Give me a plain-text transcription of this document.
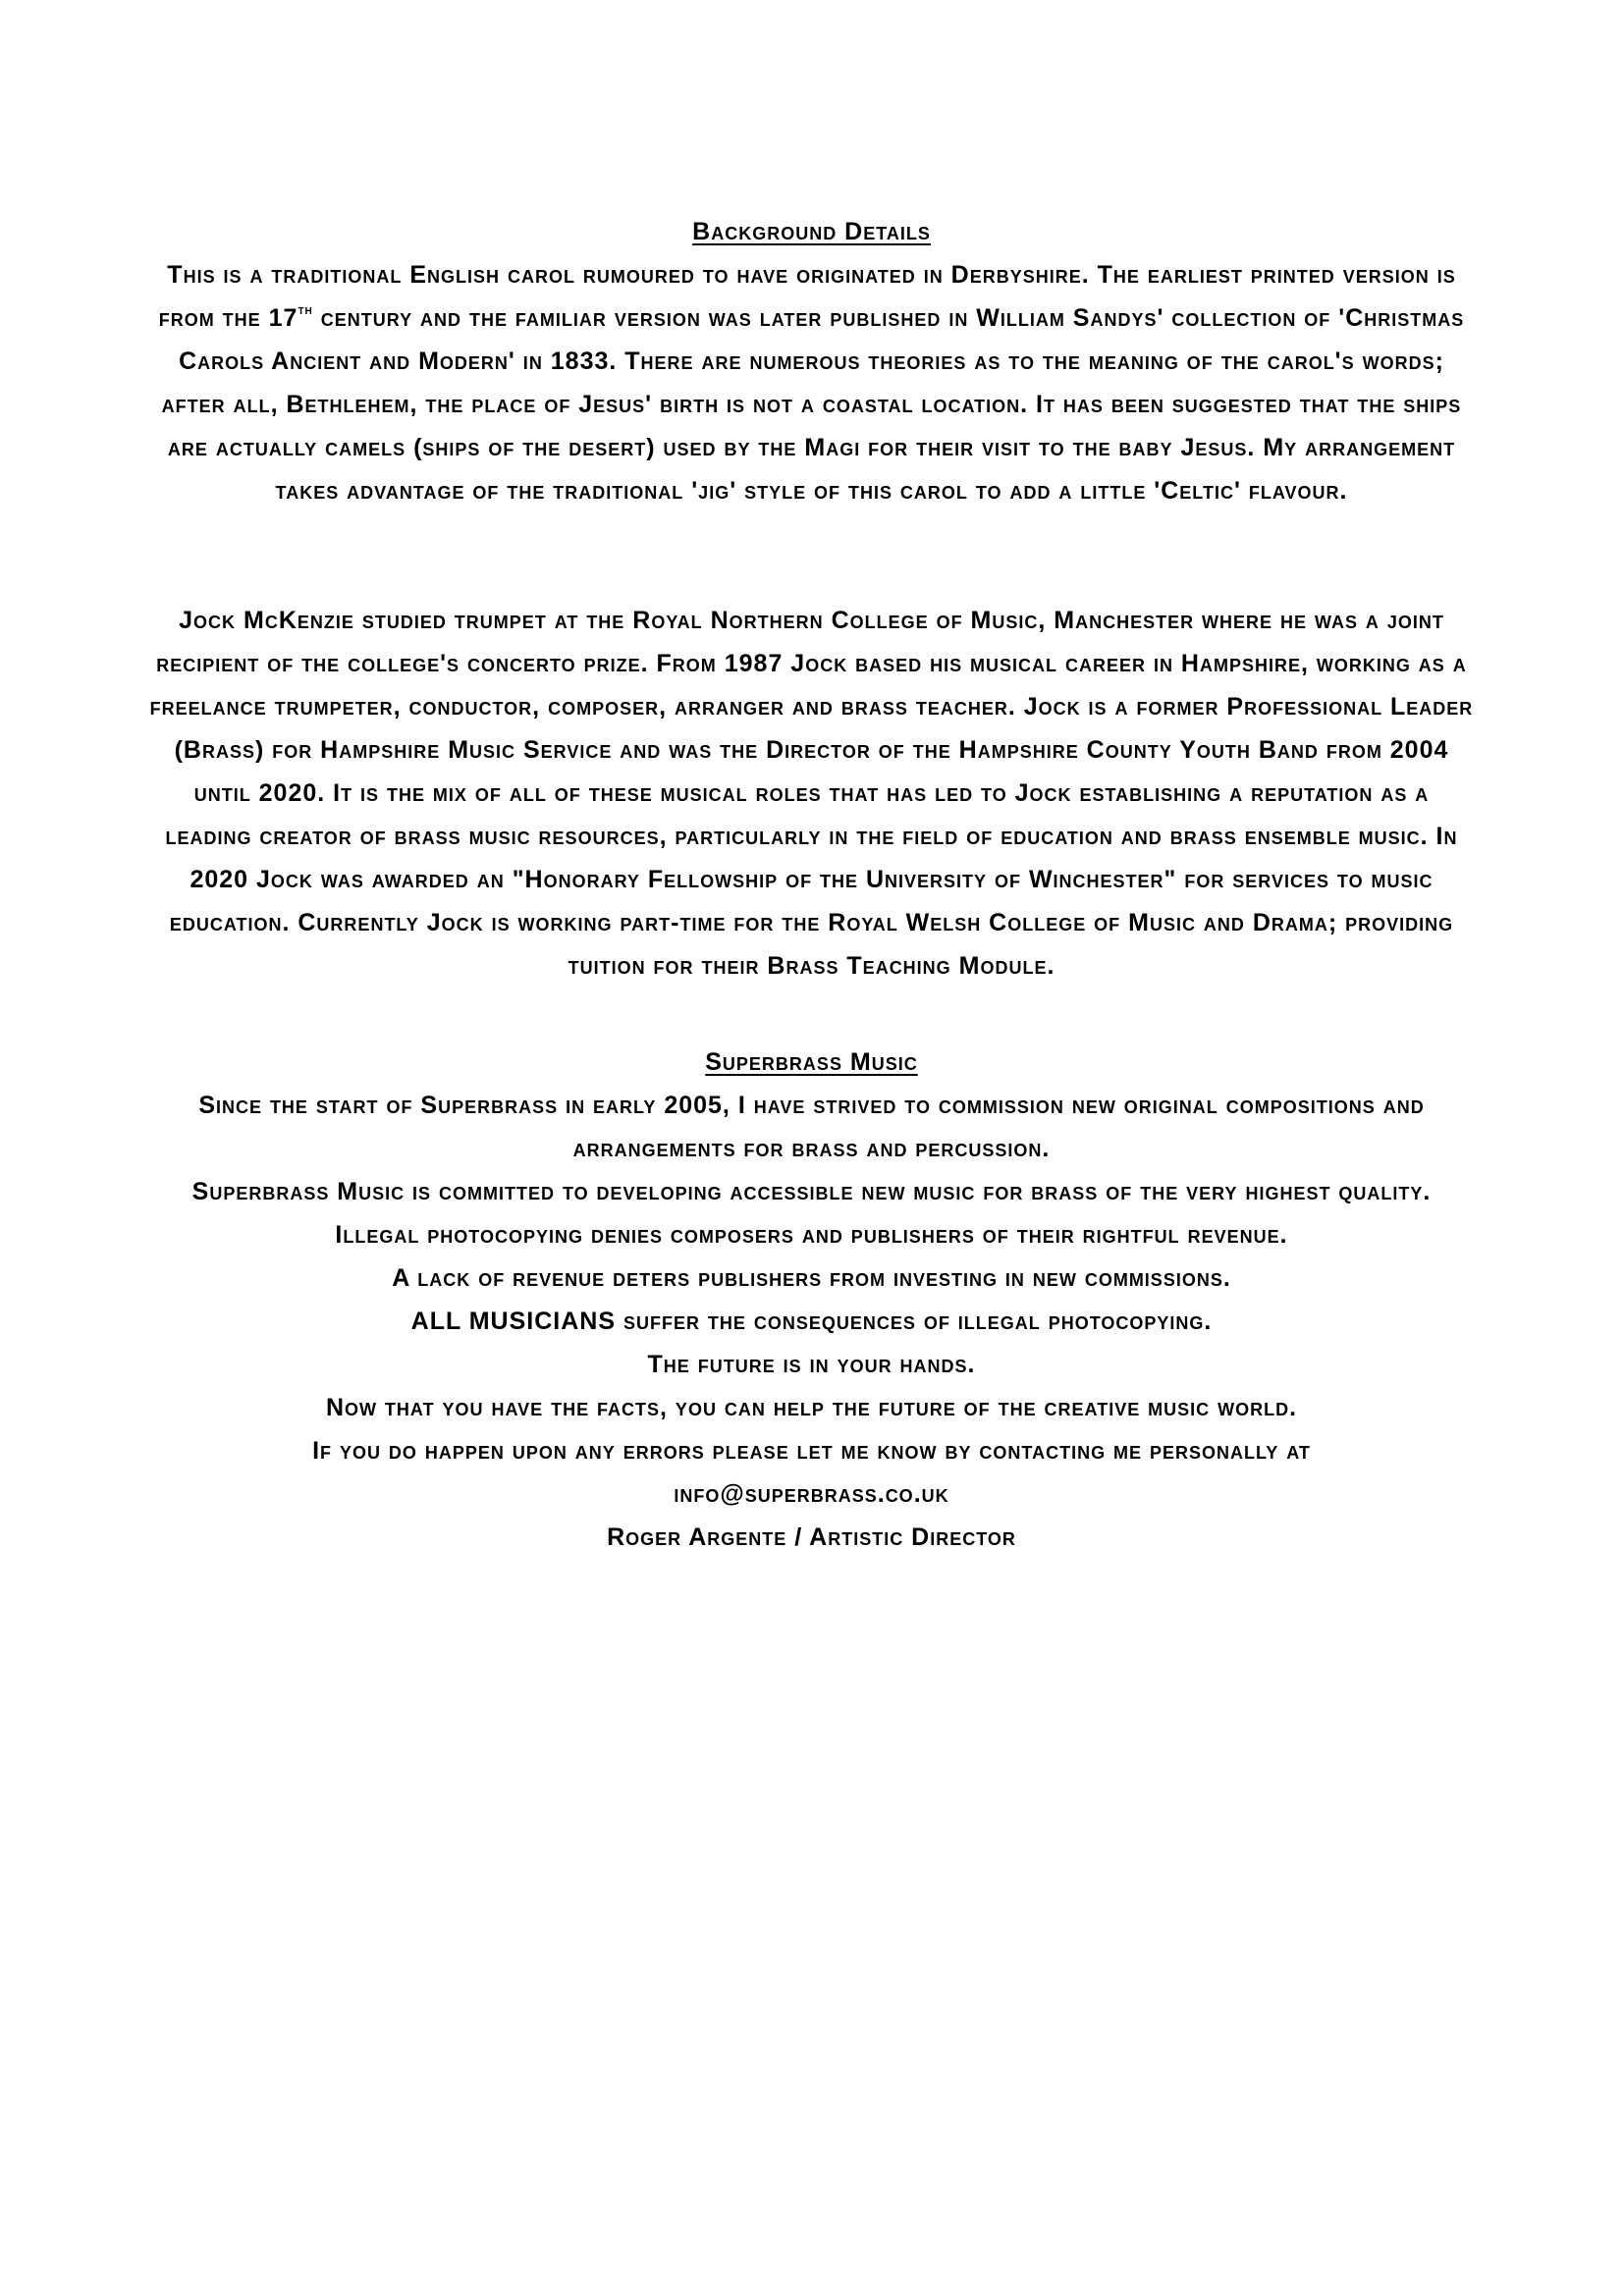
Background Details

This is a traditional English carol rumoured to have originated in Derbyshire. The earliest printed version is from the 17th century and the familiar version was later published in William Sandys' collection of 'Christmas Carols Ancient and Modern' in 1833. There are numerous theories as to the meaning of the carol's words; after all, Bethlehem, the place of Jesus' birth is not a coastal location. It has been suggested that the ships are actually camels (ships of the desert) used by the Magi for their visit to the baby Jesus. My arrangement takes advantage of the traditional 'jig' style of this carol to add a little 'Celtic' flavour.

Jock McKenzie studied trumpet at the Royal Northern College of Music, Manchester where he was a joint recipient of the college's concerto prize. From 1987 Jock based his musical career in Hampshire, working as a freelance trumpeter, conductor, composer, arranger and brass teacher. Jock is a former Professional Leader (Brass) for Hampshire Music Service and was the Director of the Hampshire County Youth Band from 2004 until 2020. It is the mix of all of these musical roles that has led to Jock establishing a reputation as a leading creator of brass music resources, particularly in the field of education and brass ensemble music. In 2020 Jock was awarded an "Honorary Fellowship of the University of Winchester" for services to music education. Currently Jock is working part-time for the Royal Welsh College of Music and Drama; providing tuition for their Brass Teaching Module.

Superbrass Music

Since the start of Superbrass in early 2005, I have strived to commission new original compositions and arrangements for brass and percussion.

Superbrass Music is committed to developing accessible new music for brass of the very highest quality.

Illegal photocopying denies composers and publishers of their rightful revenue.

A lack of revenue deters publishers from investing in new commissions.

ALL MUSICIANS suffer the consequences of illegal photocopying.

The future is in your hands.

Now that you have the facts, you can help the future of the creative music world.

If you do happen upon any errors please let me know by contacting me personally at

info@superbrass.co.uk

Roger Argente / Artistic Director
